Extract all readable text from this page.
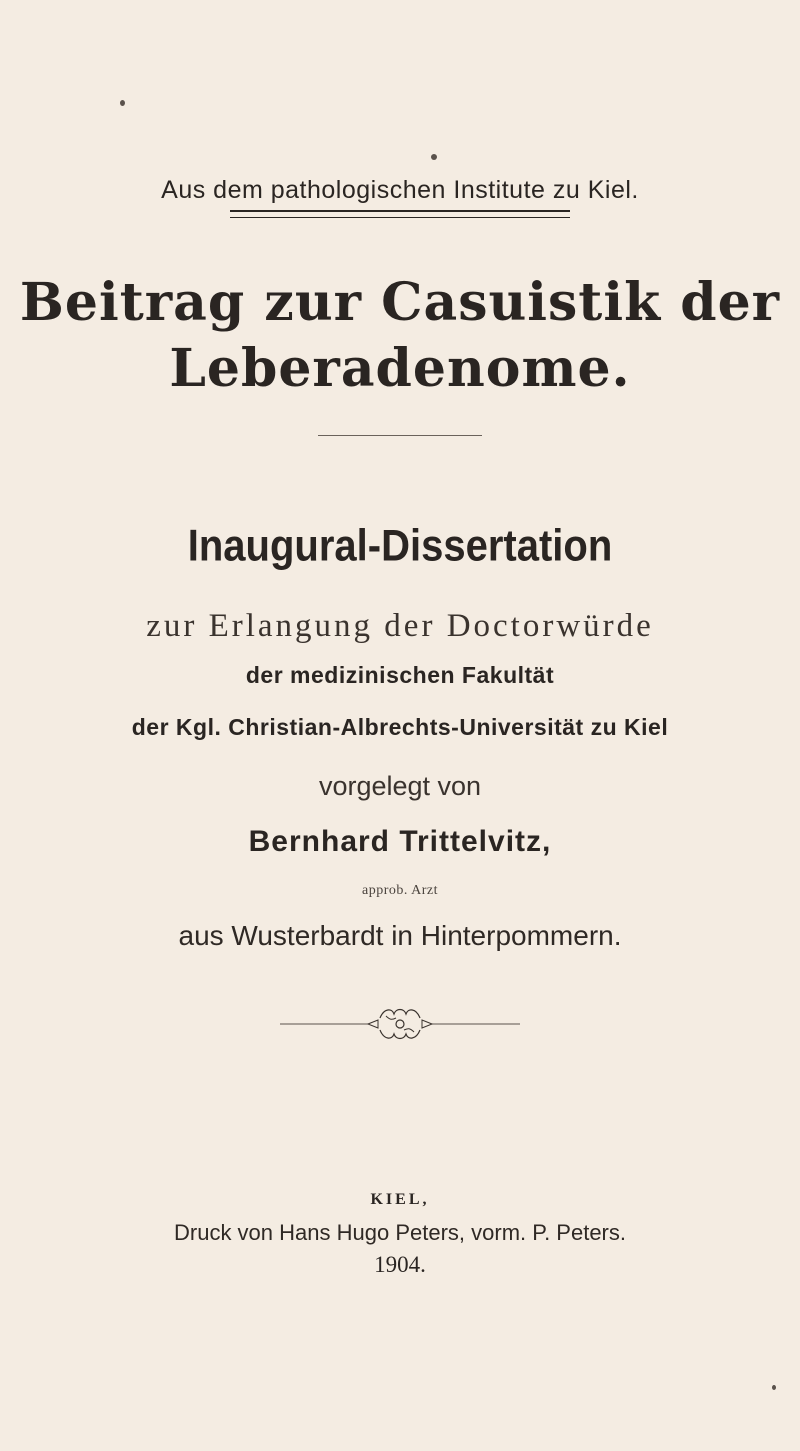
Aus dem pathologischen Institute zu Kiel.
Beitrag zur Casuistik der
Leberadenome.
Inaugural-Dissertation
zur Erlangung der Doctorwürde
der medizinischen Fakultät
der Kgl. Christian-Albrechts-Universität zu Kiel
vorgelegt von
Bernhard Trittelvitz,
approb. Arzt
aus Wusterbardt in Hinterpommern.
KIEL,
Druck von Hans Hugo Peters, vorm. P. Peters.
1904.
